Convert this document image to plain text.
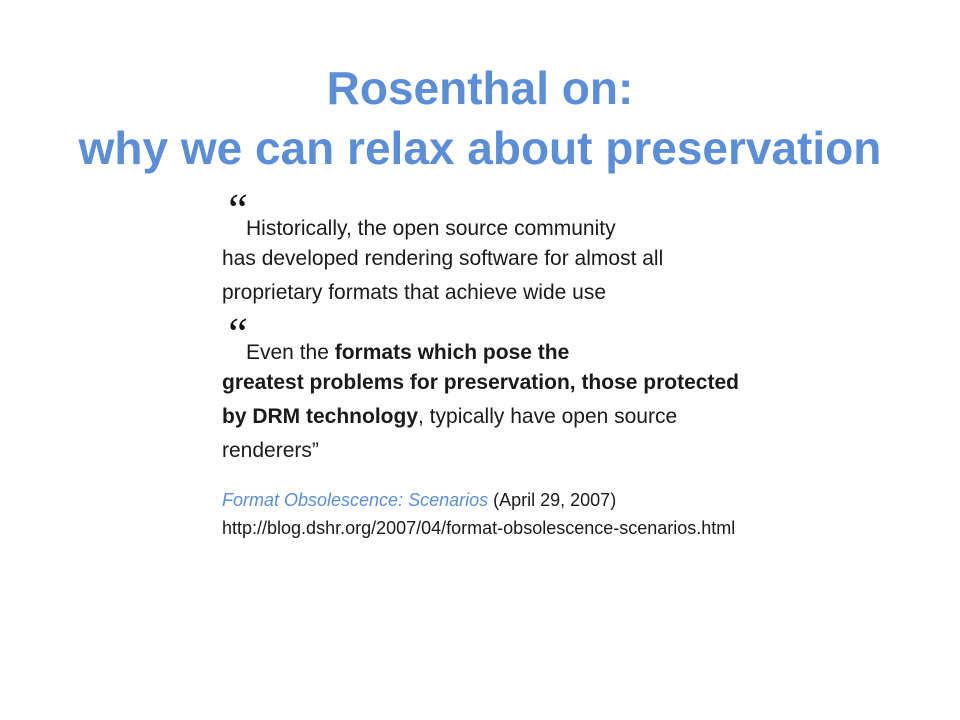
Rosenthal on:
why we can relax about preservation
“
Historically, the open source community
has developed rendering software for almost all proprietary formats that achieve wide use
“
Even the formats which pose the
greatest problems for preservation, those protected by DRM technology, typically have open source renderers”
Format Obsolescence: Scenarios (April 29, 2007)
http://blog.dshr.org/2007/04/format-obsolescence-scenarios.html
